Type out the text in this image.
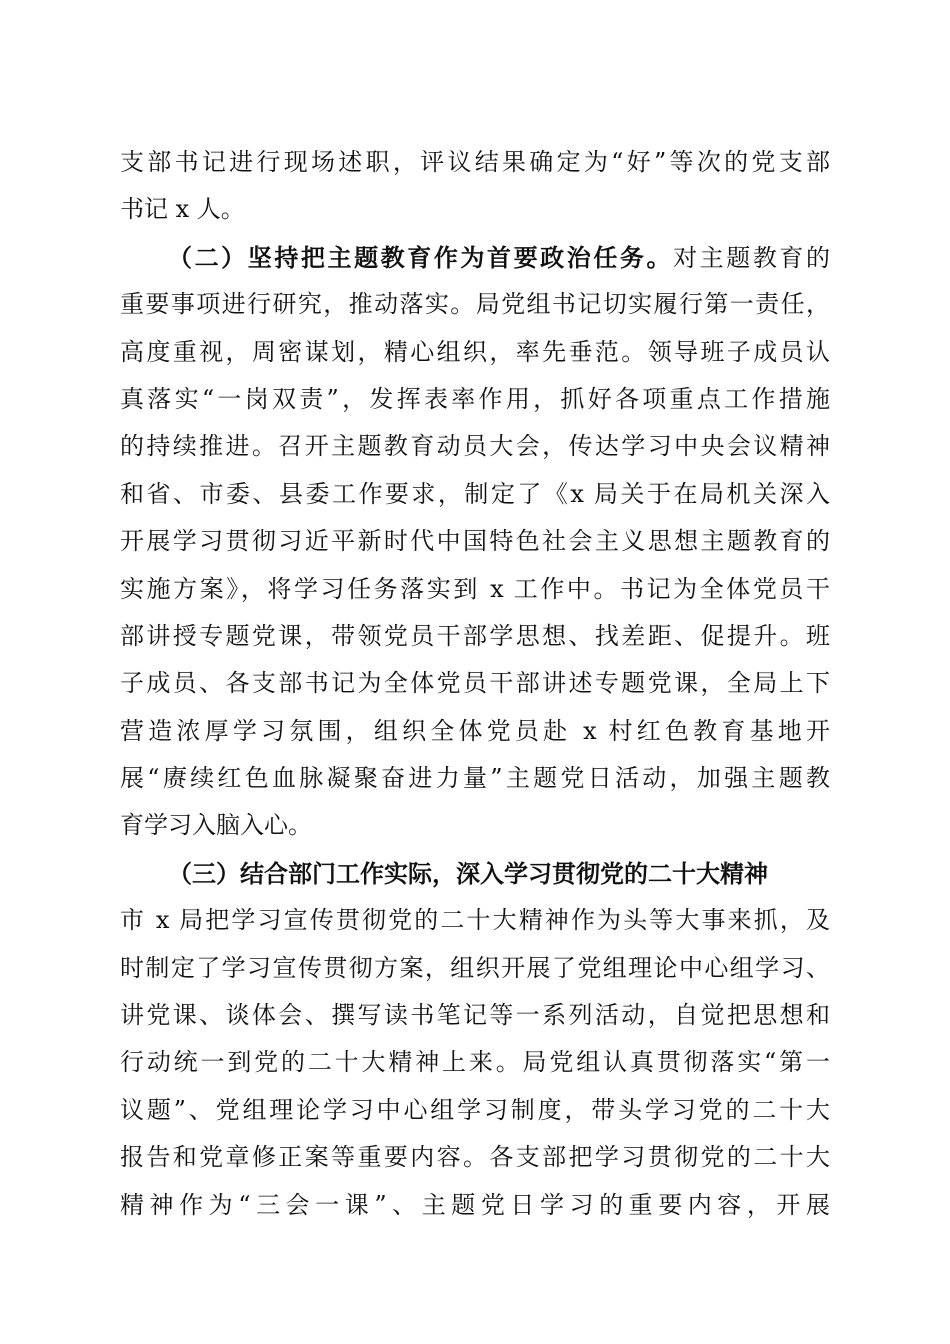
支部书记进行现场述职，评议结果确定为“好”等次的党支部
书记 x 人。
（二）坚持把主题教育作为首要政治任务。对主题教育的
重要事项进行研究，推动落实。局党组书记切实履行第一责任，
高度重视，周密谋划，精心组织，率先垂范。领导班子成员认
真落实“一岗双责”，发挥表率作用，抓好各项重点工作措施
的持续推进。召开主题教育动员大会，传达学习中央会议精神
和省、市委、县委工作要求，制定了《x 局关于在局机关深入
开展学习贯彻习近平新时代中国特色社会主义思想主题教育的
实施方案》，将学习任务落实到 x 工作中。书记为全体党员干
部讲授专题党课，带领党员干部学思想、找差距、促提升。班
子成员、各支部书记为全体党员干部讲述专题党课，全局上下
营造浓厚学习氛围，组织全体党员赴 x 村红色教育基地开
展“赓续红色血脉凝聚奋进力量”主题党日活动，加强主题教
育学习入脑入心。
（三）结合部门工作实际，深入学习贯彻党的二十大精神
市 x 局把学习宣传贯彻党的二十大精神作为头等大事来抓，及
时制定了学习宣传贯彻方案，组织开展了党组理论中心组学习、
讲党课、谈体会、撰写读书笔记等一系列活动，自觉把思想和
行动统一到党的二十大精神上来。局党组认真贯彻落实“第一
议题”、党组理论学习中心组学习制度，带头学习党的二十大
报告和党章修正案等重要内容。各支部把学习贯彻党的二十大
精神作为“三会一课”、主题党日学习的重要内容，开展
